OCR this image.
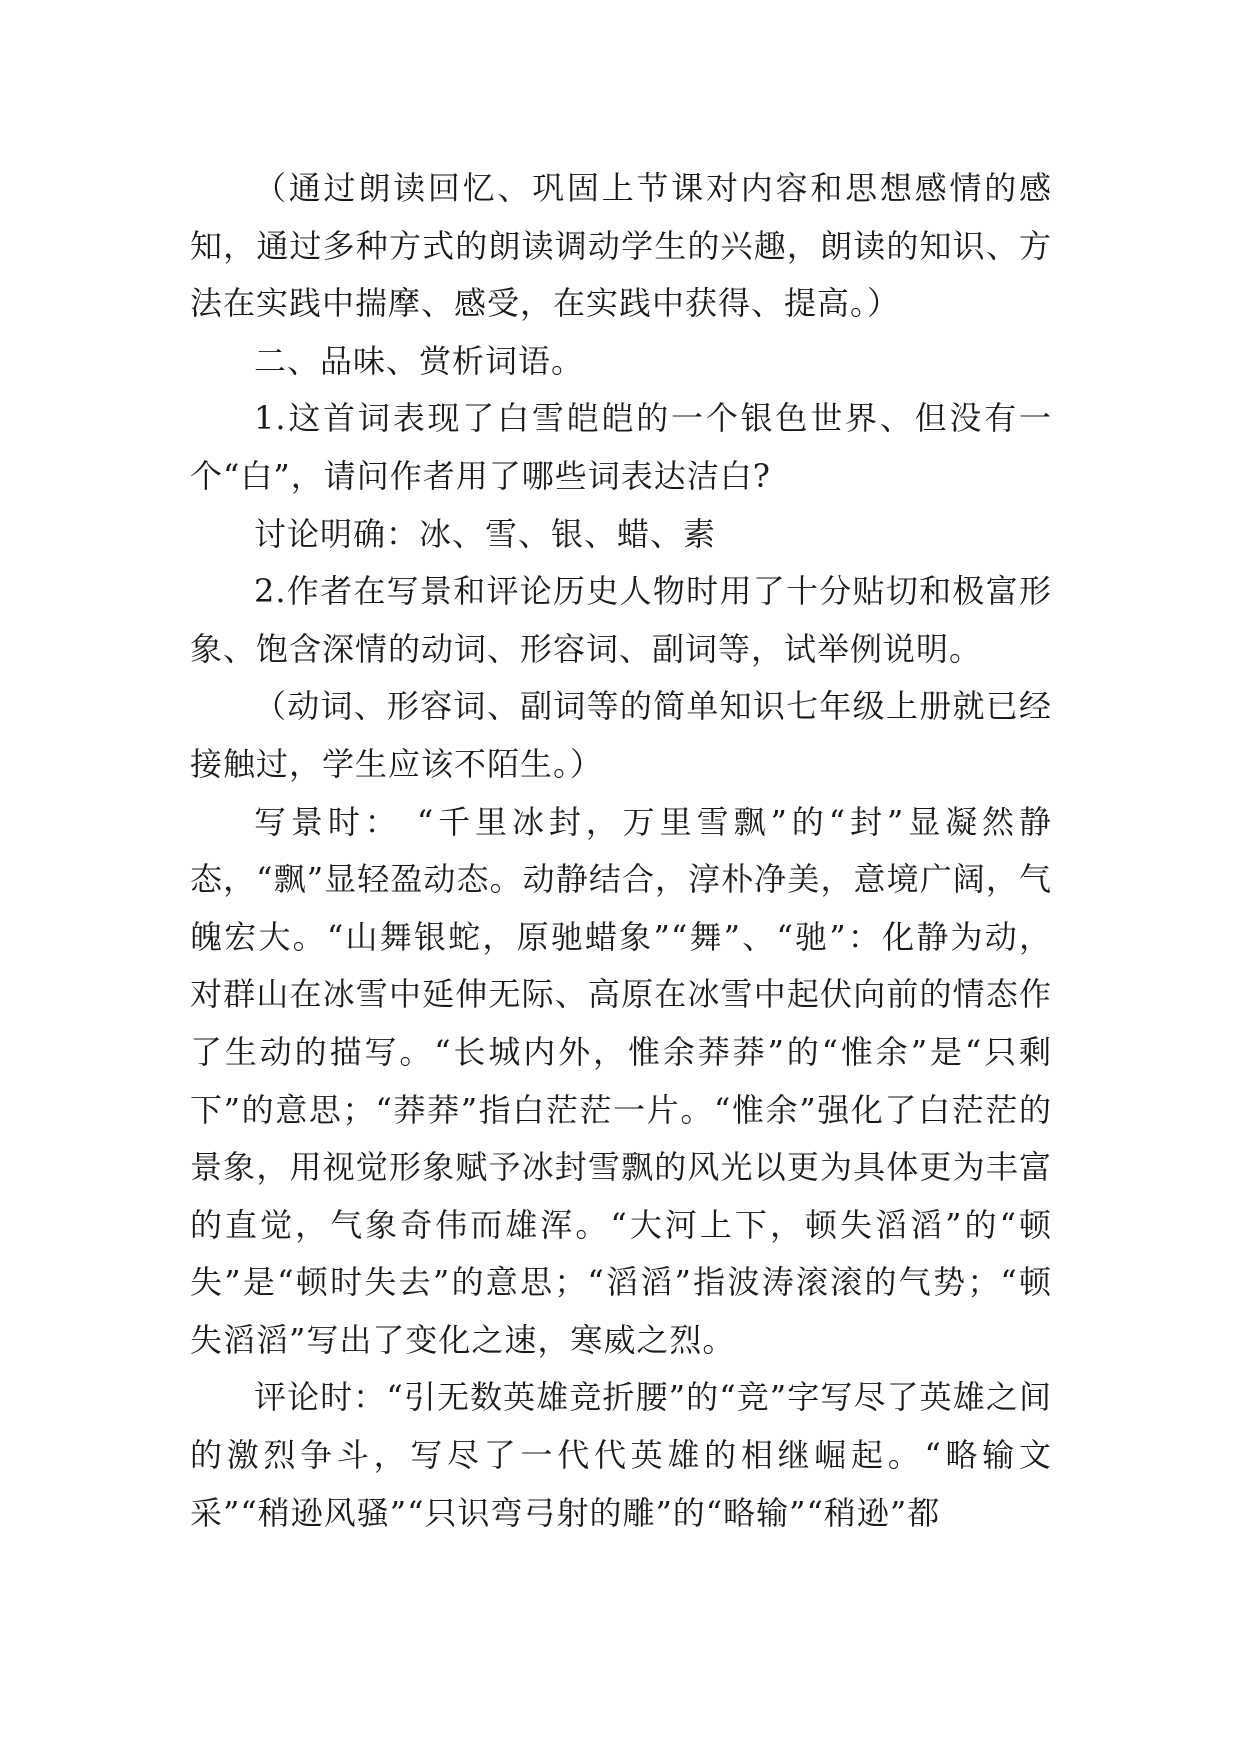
（通过朗读回忆、巩固上节课对内容和思想感情的感知，通过多种方式的朗读调动学生的兴趣，朗读的知识、方法在实践中揣摩、感受，在实践中获得、提高。）

二、品味、赏析词语。

1.这首词表现了白雪皑皑的一个银色世界、但没有一个“白”，请问作者用了哪些词表达洁白?

讨论明确：冰、雪、银、蜡、素

2.作者在写景和评论历史人物时用了十分贴切和极富形象、饱含深情的动词、形容词、副词等，试举例说明。

（动词、形容词、副词等的简单知识七年级上册就已经接触过，学生应该不陌生。）

写景时： “千里冰封，万里雪飘”的“封”显凝然静态，“飘”显轻盈动态。动静结合，淳朴净美，意境广阔，气魄宏大。“山舞银蛇，原驰蜡象”“舞”、“驰”：化静为动，对群山在冰雪中延伸无际、高原在冰雪中起伏向前的情态作了生动的描写。“长城内外，惟余莽莽”的“惟余”是“只剩下”的意思；“莽莽”指白茫茫一片。“惟余”强化了白茫茫的景象，用视觉形象赋予冰封雪飘的风光以更为具体更为丰富的直觉，气象奇伟而雄浑。“大河上下，顿失滔滔”的“顿失”是“顿时失去”的意思；“滔滔”指波涛滚滚的气势；“顿失滔滔”写出了变化之速，寒威之烈。

评论时：“引无数英雄竞折腰”的“竞”字写尽了英雄之间的激烈争斗，写尽了一代代英雄的相继崛起。“略输文采”“稍逊风骚”“只识弯弓射的雕”的“略输”“稍逊”都
